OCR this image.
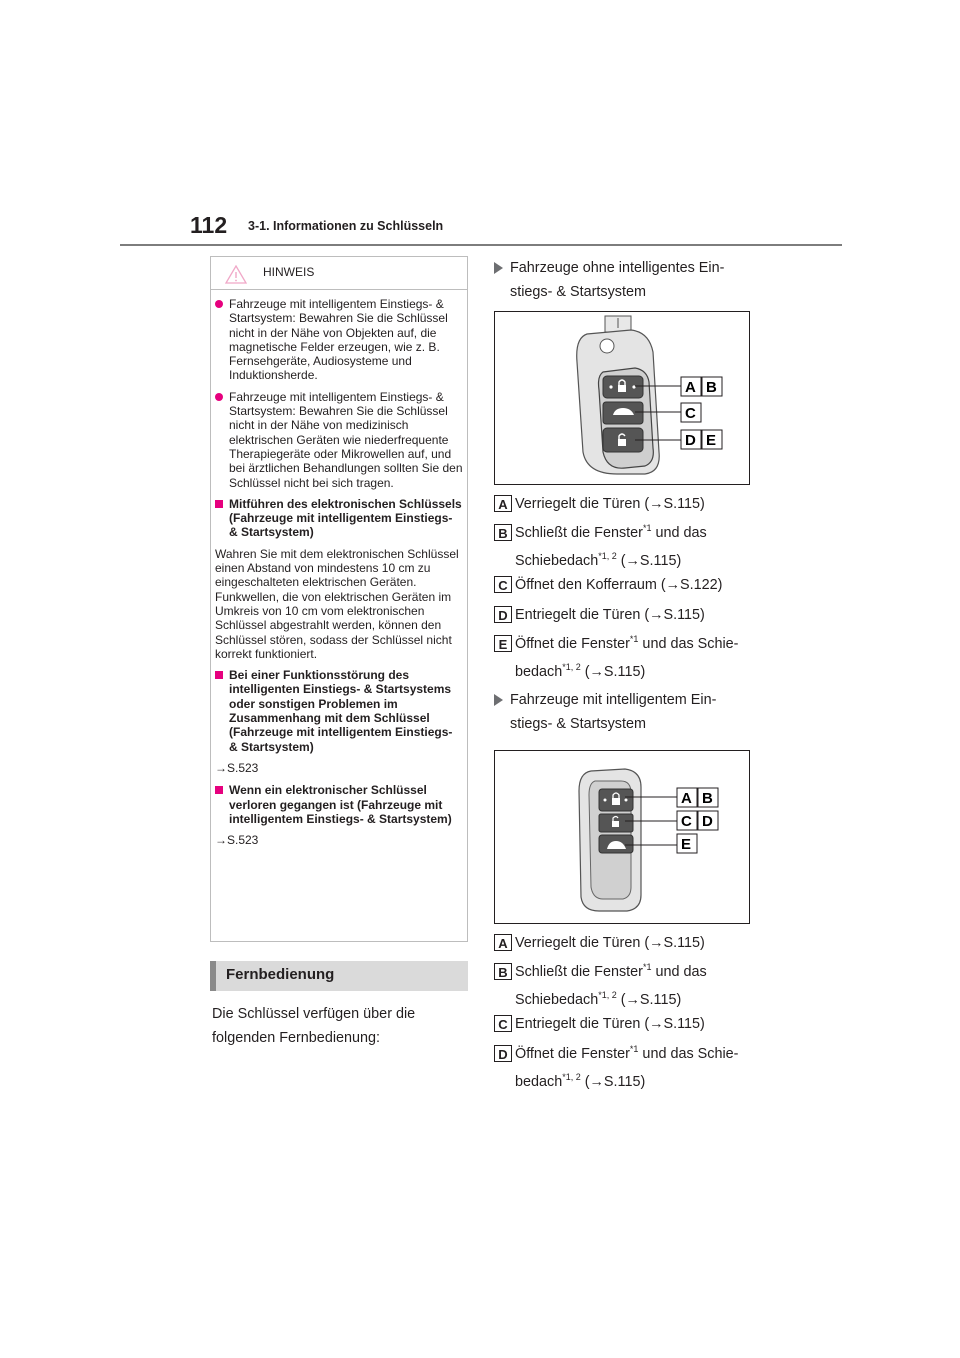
112 3-1. Informationen zu Schlüsseln
HINWEIS
Fahrzeuge mit intelligentem Einstiegs- & Startsystem: Bewahren Sie die Schlüssel nicht in der Nähe von Objekten auf, die magnetische Felder erzeugen, wie z. B. Fernsehgeräte, Audiosysteme und Induktionsherde.
Fahrzeuge mit intelligentem Einstiegs- & Startsystem: Bewahren Sie die Schlüssel nicht in der Nähe von medizinisch elektrischen Geräten wie niederfrequente Therapiegeräte oder Mikrowellen auf, und bei ärztlichen Behandlungen sollten Sie den Schlüssel nicht bei sich tragen.
Mitführen des elektronischen Schlüssels (Fahrzeuge mit intelligentem Einstiegs- & Startsystem)
Wahren Sie mit dem elektronischen Schlüssel einen Abstand von mindestens 10 cm zu eingeschalteten elektrischen Geräten. Funkwellen, die von elektrischen Geräten im Umkreis von 10 cm vom elektronischen Schlüssel abgestrahlt werden, können den Schlüssel stören, sodass der Schlüssel nicht korrekt funktioniert.
Bei einer Funktionsstörung des intelligenten Einstiegs- & Startsystems oder sonstigen Problemen im Zusammenhang mit dem Schlüssel (Fahrzeuge mit intelligentem Einstiegs- & Startsystem)
→S.523
Wenn ein elektronischer Schlüssel verloren gegangen ist (Fahrzeuge mit intelligentem Einstiegs- & Startsystem)
→S.523
Fernbedienung
Die Schlüssel verfügen über die folgenden Fernbedienung:
Fahrzeuge ohne intelligentes Ein-
stiegs- & Startsystem
A B
C
D E
A Verriegelt die Türen (→S.115)
B Schließt die Fenster$^{*1}$ und das
Schiebedach$^{*1, 2}$ (→S.115)
C Öffnet den Kofferraum (→S.122)
D Entriegelt die Türen (→S.115)
E Öffnet die Fenster$^{*1}$ und das Schie-
bedach$^{*1, 2}$ (→S.115)
Fahrzeuge mit intelligentem Ein-
stiegs- & Startsystem
A B
C D
E
A Verriegelt die Türen (→S.115)
B Schließt die Fenster$^{*1}$ und das
Schiebedach$^{*1, 2}$ (→S.115)
C Entriegelt die Türen (→S.115)
D Öffnet die Fenster$^{*1}$ und das Schie-
bedach$^{*1, 2}$ (→S.115)
